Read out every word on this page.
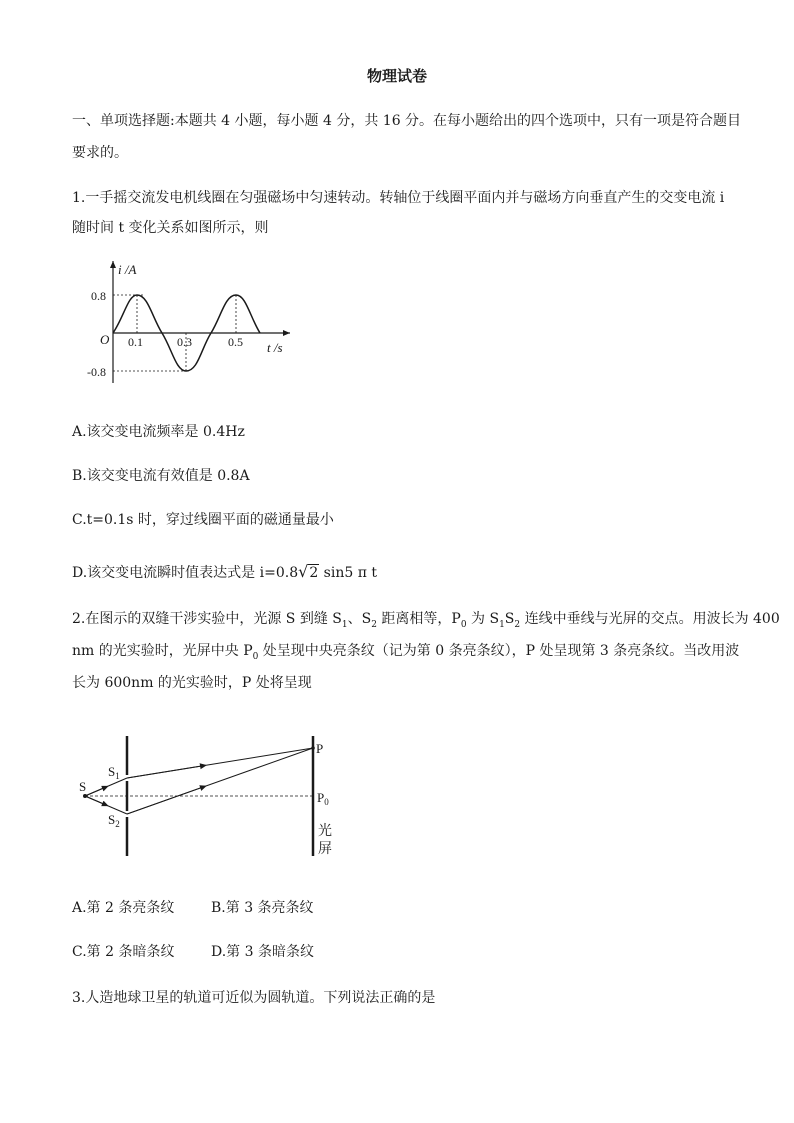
物理试卷
一、单项选择题:本题共 4 小题，每小题 4 分，共 16 分。在每小题给出的四个选项中，只有一项是符合题目
要求的。
1.一手摇交流发电机线圈在匀强磁场中匀速转动。转轴位于线圈平面内并与磁场方向垂直产生的交变电流 i
随时间 t 变化关系如图所示，则
i /A
t /s
O
0.8
-0.8
0.1	0.3	0.5
A.该交变电流频率是 0.4Hz
B.该交变电流有效值是 0.8A
C.t=0.1s 时，穿过线圈平面的磁通量最小
D.该交变电流瞬时值表达式是 i=0.8√2 sin5 π t
2.在图示的双缝干涉实验中，光源 S 到缝 $S_1$、$S_2$ 距离相等，$P_0$ 为 $S_1S_2$ 连线中垂线与光屏的交点。用波长为 400
nm 的光实验时，光屏中央 $P_0$ 处呈现中央亮条纹（记为第 0 条亮条纹），P 处呈现第 3 条亮条纹。当改用波
长为 600nm 的光实验时，P 处将呈现
S
$S_1$
$S_2$
P
$P_0$
光
屏
A.第 2 条亮条纹	B.第 3 条亮条纹
C.第 2 条暗条纹	D.第 3 条暗条纹
3.人造地球卫星的轨道可近似为圆轨道。下列说法正确的是
